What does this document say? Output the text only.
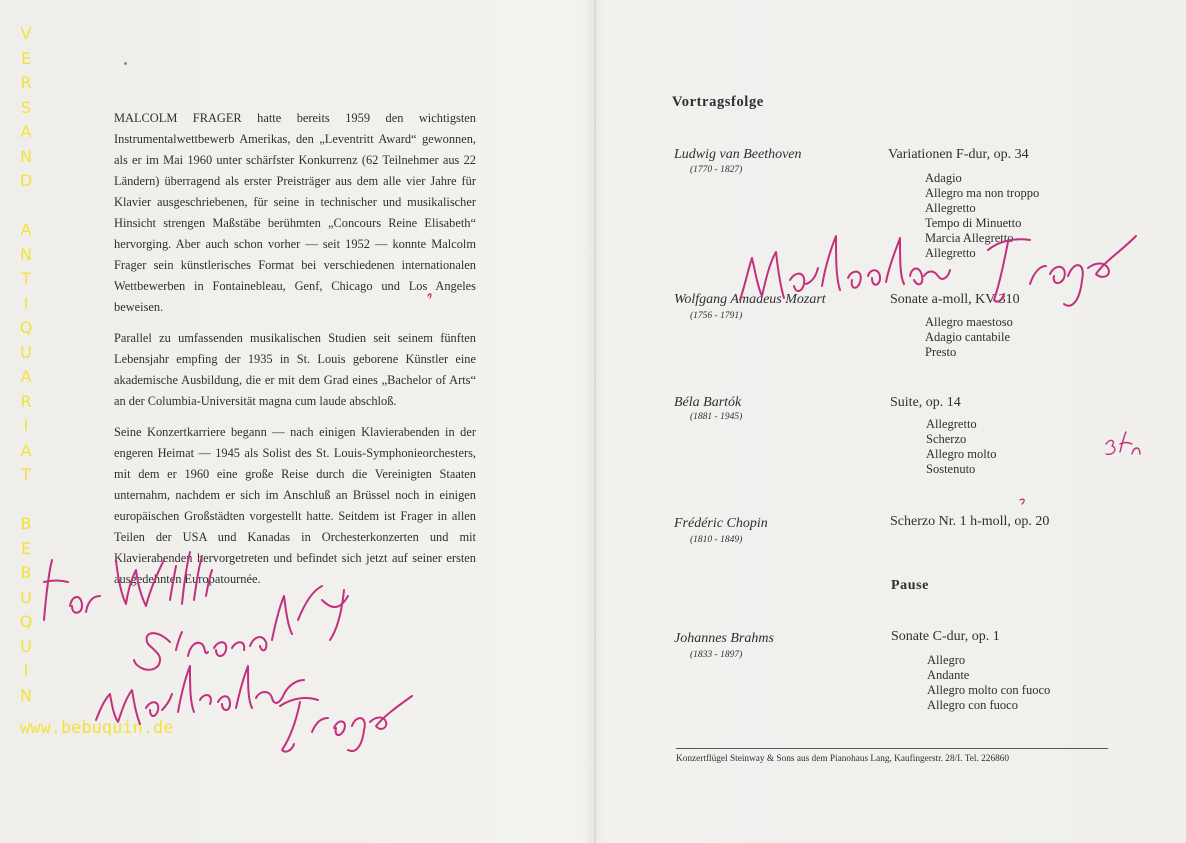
V
E
R
S
A
N
D
A
N
T
I
Q
U
A
R
I
A
T
B
E
B
U
Q
U
I
N
www.bebuquin.de

MALCOLM FRAGER hatte bereits 1959 den wichtigsten Instrumentalwettbewerb Amerikas, den „Leventritt Award“ gewonnen, als er im Mai 1960 unter schärfster Konkurrenz (62 Teilnehmer aus 22 Ländern) überragend als erster Preisträger aus dem alle vier Jahre für Klavier ausgeschriebenen, für seine in technischer und musikalischer Hinsicht strengen Maßstäbe berühmten „Concours Reine Elisabeth“ hervorging. Aber auch schon vorher — seit 1952 — konnte Malcolm Frager sein künstlerisches Format bei verschiedenen internationalen Wettbewerben in Fontainebleau, Genf, Chicago und Los Angeles beweisen.

Parallel zu umfassenden musikalischen Studien seit seinem fünften Lebensjahr empfing der 1935 in St. Louis geborene Künstler eine akademische Ausbildung, die er mit dem Grad eines „Bachelor of Arts“ an der Columbia-Universität magna cum laude abschloß.

Seine Konzertkarriere begann — nach einigen Klavierabenden in der engeren Heimat — 1945 als Solist des St. Louis-Symphonieorchesters, mit dem er 1960 eine große Reise durch die Vereinigten Staaten unternahm, nachdem er sich im Anschluß an Brüssel noch in einigen europäischen Großstädten vorgestellt hatte. Seitdem ist Frager in allen Teilen der USA und Kanadas in Orchesterkonzerten und mit Klavierabenden hervorgetreten und befindet sich jetzt auf seiner ersten ausgedehnten Europatournée.

Vortragsfolge
Ludwig van Beethoven
(1770 - 1827)
Variationen F-dur, op. 34
Adagio
Allegro ma non troppo
Allegretto
Tempo di Minuetto
Marcia Allegretto
Allegretto
Wolfgang Amadeus Mozart
(1756 - 1791)
Sonate a-moll, KV 310
Allegro maestoso
Adagio cantabile
Presto
Béla Bartók
(1881 - 1945)
Suite, op. 14
Allegretto
Scherzo
Allegro molto
Sostenuto
Frédéric Chopin
(1810 - 1849)
Scherzo Nr. 1 h-moll, op. 20
Pause
Johannes Brahms
(1833 - 1897)
Sonate C-dur, op. 1
Allegro
Andante
Allegro molto con fuoco
Allegro con fuoco
Konzertflügel Steinway & Sons aus dem Pianohaus Lang, Kaufingerstr. 28/I. Tel. 226860
